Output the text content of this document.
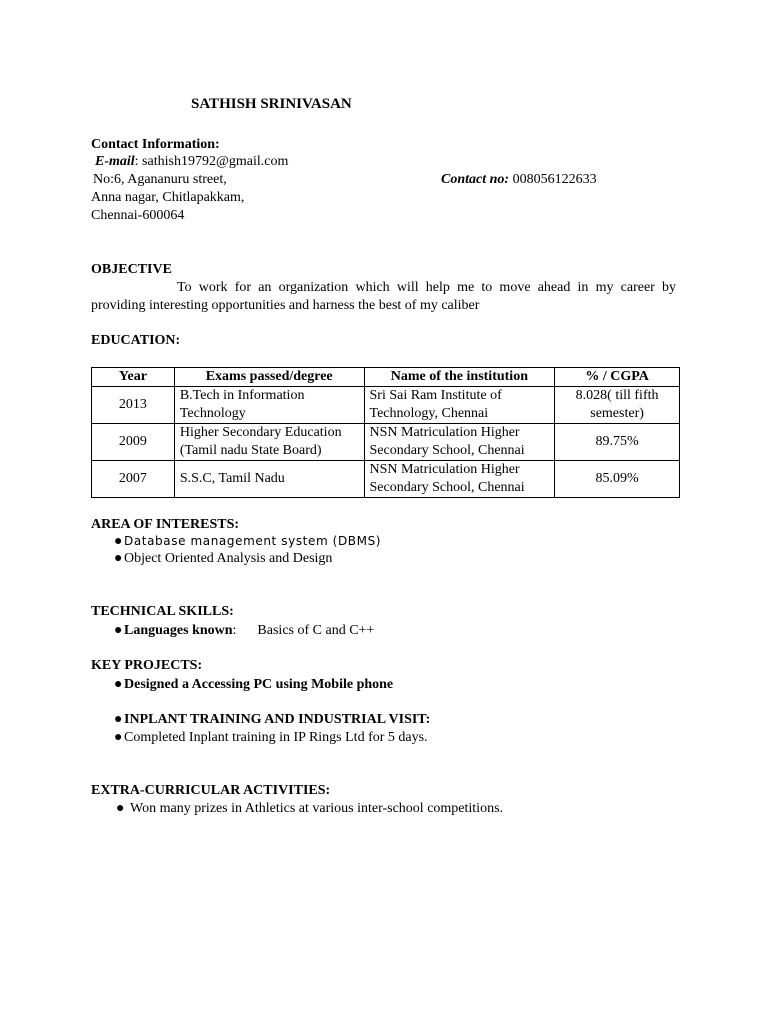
SATHISH SRINIVASAN
Contact Information:
E-mail: sathish19792@gmail.com
No:6, Agananuru street,	Contact no: 008056122633
Anna nagar, Chitlapakkam,
Chennai-600064
OBJECTIVE
To work for an organization which will help me to move ahead in my career by providing interesting opportunities and harness the best of my caliber
EDUCATION:
Year	Exams passed/degree	Name of the institution	% / CGPA
2013	B.Tech in Information Technology	Sri Sai Ram Institute of Technology, Chennai	8.028( till fifth semester)
2009	Higher Secondary Education (Tamil nadu State Board)	NSN Matriculation Higher Secondary School, Chennai	89.75%
2007	S.S.C, Tamil Nadu	NSN Matriculation Higher Secondary School, Chennai	85.09%
AREA OF INTERESTS:
● Database management system (DBMS)
● Object Oriented Analysis and Design
TECHNICAL SKILLS:
● Languages known:      Basics of C and C++
KEY PROJECTS:
● Designed a Accessing PC using Mobile phone
● INPLANT TRAINING AND INDUSTRIAL VISIT:
● Completed Inplant training in IP Rings Ltd for 5 days.
EXTRA-CURRICULAR ACTIVITIES:
● Won many prizes in Athletics at various inter-school competitions.
